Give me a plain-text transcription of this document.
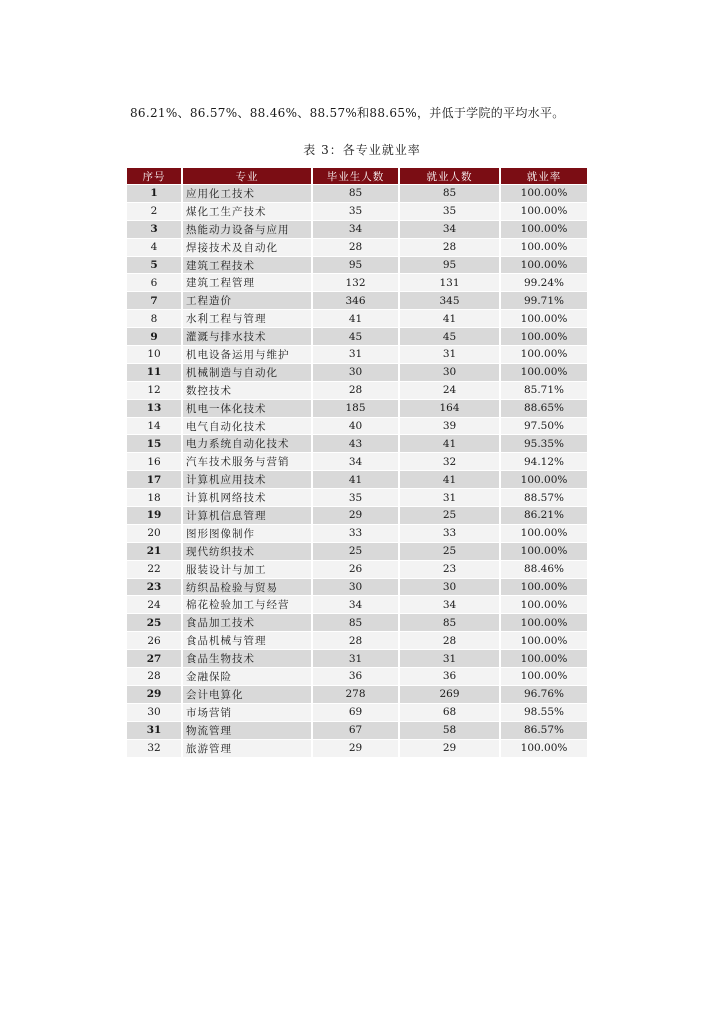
86.21%、86.57%、88.46%、88.57%和88.65%，并低于学院的平均水平。
表 3：各专业就业率
序号	专业	毕业生人数	就业人数	就业率
1	应用化工技术	85	85	100.00%
2	煤化工生产技术	35	35	100.00%
3	热能动力设备与应用	34	34	100.00%
4	焊接技术及自动化	28	28	100.00%
5	建筑工程技术	95	95	100.00%
6	建筑工程管理	132	131	99.24%
7	工程造价	346	345	99.71%
8	水利工程与管理	41	41	100.00%
9	灌溉与排水技术	45	45	100.00%
10	机电设备运用与维护	31	31	100.00%
11	机械制造与自动化	30	30	100.00%
12	数控技术	28	24	85.71%
13	机电一体化技术	185	164	88.65%
14	电气自动化技术	40	39	97.50%
15	电力系统自动化技术	43	41	95.35%
16	汽车技术服务与营销	34	32	94.12%
17	计算机应用技术	41	41	100.00%
18	计算机网络技术	35	31	88.57%
19	计算机信息管理	29	25	86.21%
20	图形图像制作	33	33	100.00%
21	现代纺织技术	25	25	100.00%
22	服装设计与加工	26	23	88.46%
23	纺织品检验与贸易	30	30	100.00%
24	棉花检验加工与经营	34	34	100.00%
25	食品加工技术	85	85	100.00%
26	食品机械与管理	28	28	100.00%
27	食品生物技术	31	31	100.00%
28	金融保险	36	36	100.00%
29	会计电算化	278	269	96.76%
30	市场营销	69	68	98.55%
31	物流管理	67	58	86.57%
32	旅游管理	29	29	100.00%
